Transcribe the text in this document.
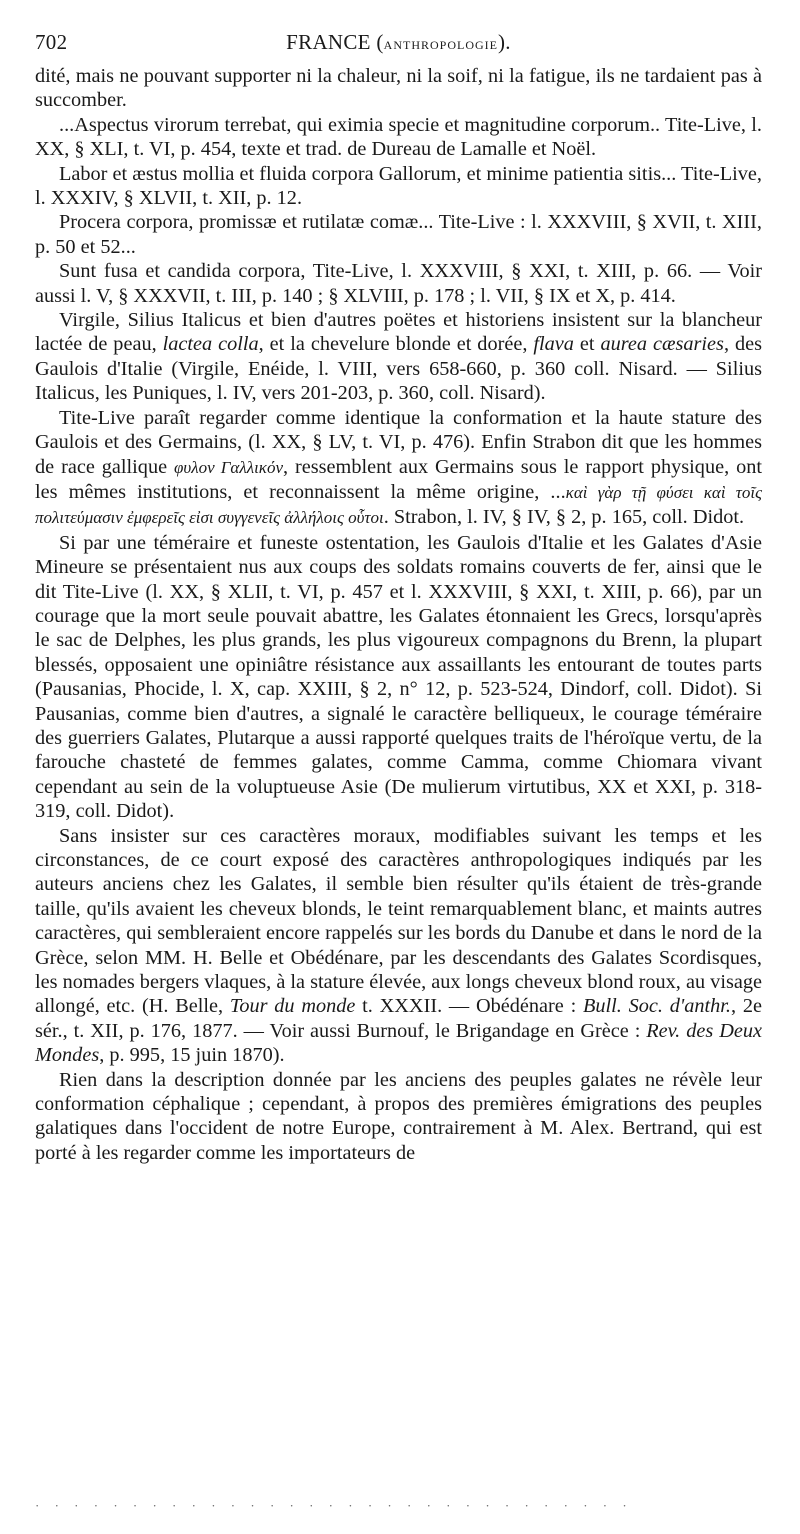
702	FRANCE (anthropologie).

dité, mais ne pouvant supporter ni la chaleur, ni la soif, ni la fatigue, ils ne tardaient pas à succomber.

...Aspectus virorum terrebat, qui eximia specie et magnitudine corporum.. Tite-Live, l. XX, § XLI, t. VI, p. 454, texte et trad. de Dureau de Lamalle et Noël.

Labor et æstus mollia et fluida corpora Gallorum, et minime patientia sitis... Tite-Live, l. XXXIV, § XLVII, t. XII, p. 12.

Procera corpora, promissæ et rutilatæ comæ... Tite-Live : l. XXXVIII, § XVII, t. XIII, p. 50 et 52...

Sunt fusa et candida corpora, Tite-Live, l. XXXVIII, § XXI, t. XIII, p. 66. — Voir aussi l. V, § XXXVII, t. III, p. 140 ; § XLVIII, p. 178 ; l. VII, § IX et X, p. 414.

Virgile, Silius Italicus et bien d'autres poëtes et historiens insistent sur la blancheur lactée de peau, lactea colla, et la chevelure blonde et dorée, flava et aurea cæsaries, des Gaulois d'Italie (Virgile, Enéide, l. VIII, vers 658-660, p. 360 coll. Nisard. — Silius Italicus, les Puniques, l. IV, vers 201-203, p. 360, coll. Nisard).

Tite-Live paraît regarder comme identique la conformation et la haute stature des Gaulois et des Germains, (l. XX, § LV, t. VI, p. 476). Enfin Strabon dit que les hommes de race gallique φυλον Γαλλικόν, ressemblent aux Germains sous le rapport physique, ont les mêmes institutions, et reconnaissent la même origine, ...καὶ γὰρ τῇ φύσει καὶ τοῖς πολιτεύμασιν ἐμφερεῖς εἰσι συγγενεῖς ἀλλήλοις οὗτοι. Strabon, l. IV, § IV, § 2, p. 165, coll. Didot.

Si par une téméraire et funeste ostentation, les Gaulois d'Italie et les Galates d'Asie Mineure se présentaient nus aux coups des soldats romains couverts de fer, ainsi que le dit Tite-Live (l. XX, § XLII, t. VI, p. 457 et l. XXXVIII, § XXI, t. XIII, p. 66), par un courage que la mort seule pouvait abattre, les Galates étonnaient les Grecs, lorsqu'après le sac de Delphes, les plus grands, les plus vigoureux compagnons du Brenn, la plupart blessés, opposaient une opiniâtre résistance aux assaillants les entourant de toutes parts (Pausanias, Phocide, l. X, cap. XXIII, § 2, n° 12, p. 523-524, Dindorf, coll. Didot). Si Pausanias, comme bien d'autres, a signalé le caractère belliqueux, le courage téméraire des guerriers Galates, Plutarque a aussi rapporté quelques traits de l'héroïque vertu, de la farouche chasteté de femmes galates, comme Camma, comme Chiomara vivant cependant au sein de la voluptueuse Asie (De mulierum virtutibus, XX et XXI, p. 318-319, coll. Didot).

Sans insister sur ces caractères moraux, modifiables suivant les temps et les circonstances, de ce court exposé des caractères anthropologiques indiqués par les auteurs anciens chez les Galates, il semble bien résulter qu'ils étaient de très-grande taille, qu'ils avaient les cheveux blonds, le teint remarquablement blanc, et maints autres caractères, qui sembleraient encore rappelés sur les bords du Danube et dans le nord de la Grèce, selon MM. H. Belle et Obédénare, par les descendants des Galates Scordisques, les nomades bergers vlaques, à la stature élevée, aux longs cheveux blond roux, au visage allongé, etc. (H. Belle, Tour du monde t. XXXII. — Obédénare : Bull. Soc. d'anthr., 2e sér., t. XII, p. 176, 1877. — Voir aussi Burnouf, le Brigandage en Grèce : Rev. des Deux Mondes, p. 995, 15 juin 1870).

Rien dans la description donnée par les anciens des peuples galates ne révèle leur conformation céphalique ; cependant, à propos des premières émigrations des peuples galatiques dans l'occident de notre Europe, contrairement à M. Alex. Bertrand, qui est porté à les regarder comme les importateurs de

· · · · · · · · · · · · · · · · · · · · · · · · · · · · · · ·
